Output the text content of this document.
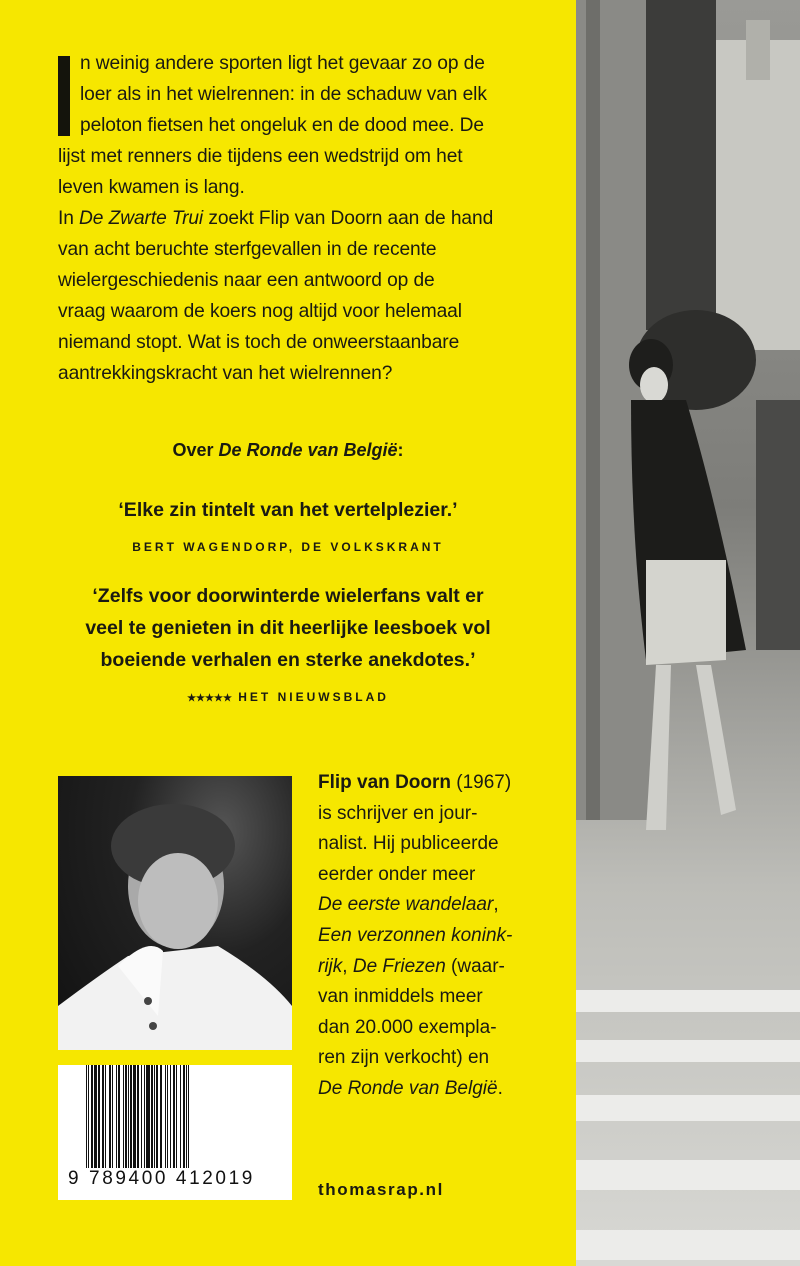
I	n weinig andere sporten ligt het gevaar zo op de
loer als in het wielrennen: in de schaduw van elk
peloton fietsen het ongeluk en de dood mee. De
lijst met renners die tijdens een wedstrijd om het
leven kwamen is lang.
In De Zwarte Trui zoekt Flip van Doorn aan de hand
van acht beruchte sterfgevallen in de recente
wielergeschiedenis naar een antwoord op de
vraag waarom de koers nog altijd voor helemaal
niemand stopt. Wat is toch de onweerstaanbare
aantrekkingskracht van het wielrennen?
Over De Ronde van België:
‘Elke zin tintelt van het vertelplezier.’
BERT WAGENDORP, DE VOLKSKRANT
‘Zelfs voor doorwinterde wielerfans valt er
veel te genieten in dit heerlijke leesboek vol
boeiende verhalen en sterke anekdotes.’
★★★★★ HET NIEUWSBLAD
9 789400 412019
Flip van Doorn (1967)
is schrijver en jour-
nalist. Hij publiceerde
eerder onder meer
De eerste wandelaar,
Een verzonnen konink-
rijk, De Friezen (waar-
van inmiddels meer
dan 20.000 exempla-
ren zijn verkocht) en
De Ronde van België.
thomasrap.nl
